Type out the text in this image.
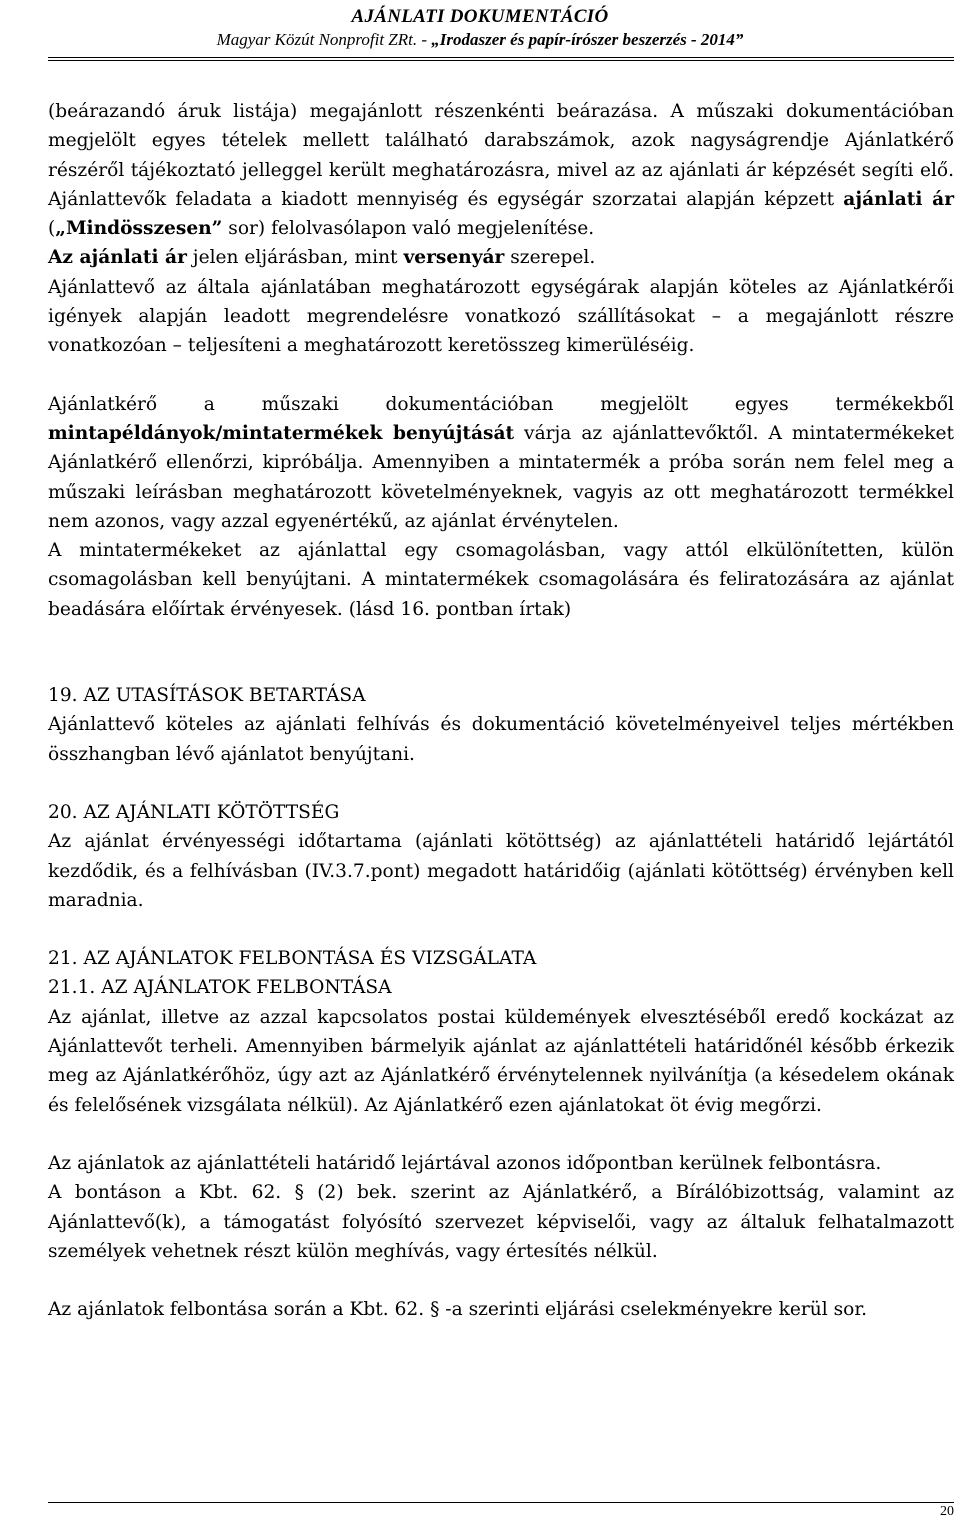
AJÁNLATI DOKUMENTÁCIÓ
Magyar Közút Nonprofit ZRt. - „Irodaszer és papír-írószer beszerzés - 2014”

(beárazandó áruk listája) megajánlott részenkénti beárazása. A műszaki dokumentációban megjelölt egyes tételek mellett található darabszámok, azok nagyságrendje Ajánlatkérő részéről tájékoztató jelleggel került meghatározásra, mivel az az ajánlati ár képzését segíti elő. Ajánlattevők feladata a kiadott mennyiség és egységár szorzatai alapján képzett ajánlati ár („Mindösszesen” sor) felolvasólapon való megjelenítése.

Az ajánlati ár jelen eljárásban, mint versenyár szerepel.

Ajánlattevő az általa ajánlatában meghatározott egységárak alapján köteles az Ajánlatkérői igények alapján leadott megrendelésre vonatkozó szállításokat – a megajánlott részre vonatkozóan – teljesíteni a meghatározott keretösszeg kimerüléséig.

Ajánlatkérő a műszaki dokumentációban megjelölt egyes termékekből mintapéldányok/mintatermékek benyújtását várja az ajánlattevőktől. A mintatermékeket Ajánlatkérő ellenőrzi, kipróbálja. Amennyiben a mintatermék a próba során nem felel meg a műszaki leírásban meghatározott követelményeknek, vagyis az ott meghatározott termékkel nem azonos, vagy azzal egyenértékű, az ajánlat érvénytelen.

A mintatermékeket az ajánlattal egy csomagolásban, vagy attól elkülönítetten, külön csomagolásban kell benyújtani. A mintatermékek csomagolására és feliratozására az ajánlat beadására előírtak érvényesek. (lásd 16. pontban írtak)

19. AZ UTASÍTÁSOK BETARTÁSA

Ajánlattevő köteles az ajánlati felhívás és dokumentáció követelményeivel teljes mértékben összhangban lévő ajánlatot benyújtani.

20. AZ AJÁNLATI KÖTÖTTSÉG

Az ajánlat érvényességi időtartama (ajánlati kötöttség) az ajánlattételi határidő lejártától kezdődik, és a felhívásban (IV.3.7.pont) megadott határidőig (ajánlati kötöttség) érvényben kell maradnia.

21. AZ AJÁNLATOK FELBONTÁSA ÉS VIZSGÁLATA

21.1. AZ AJÁNLATOK FELBONTÁSA

Az ajánlat, illetve az azzal kapcsolatos postai küldemények elvesztéséből eredő kockázat az Ajánlattevőt terheli. Amennyiben bármelyik ajánlat az ajánlattételi határidőnél később érkezik meg az Ajánlatkérőhöz, úgy azt az Ajánlatkérő érvénytelennek nyilvánítja (a késedelem okának és felelősének vizsgálata nélkül). Az Ajánlatkérő ezen ajánlatokat öt évig megőrzi.

Az ajánlatok az ajánlattételi határidő lejártával azonos időpontban kerülnek felbontásra.

A bontáson a Kbt. 62. § (2) bek. szerint az Ajánlatkérő, a Bírálóbizottság, valamint az Ajánlattevő(k), a támogatást folyósító szervezet képviselői, vagy az általuk felhatalmazott személyek vehetnek részt külön meghívás, vagy értesítés nélkül.

Az ajánlatok felbontása során a Kbt. 62. § -a szerinti eljárási cselekményekre kerül sor.

20
